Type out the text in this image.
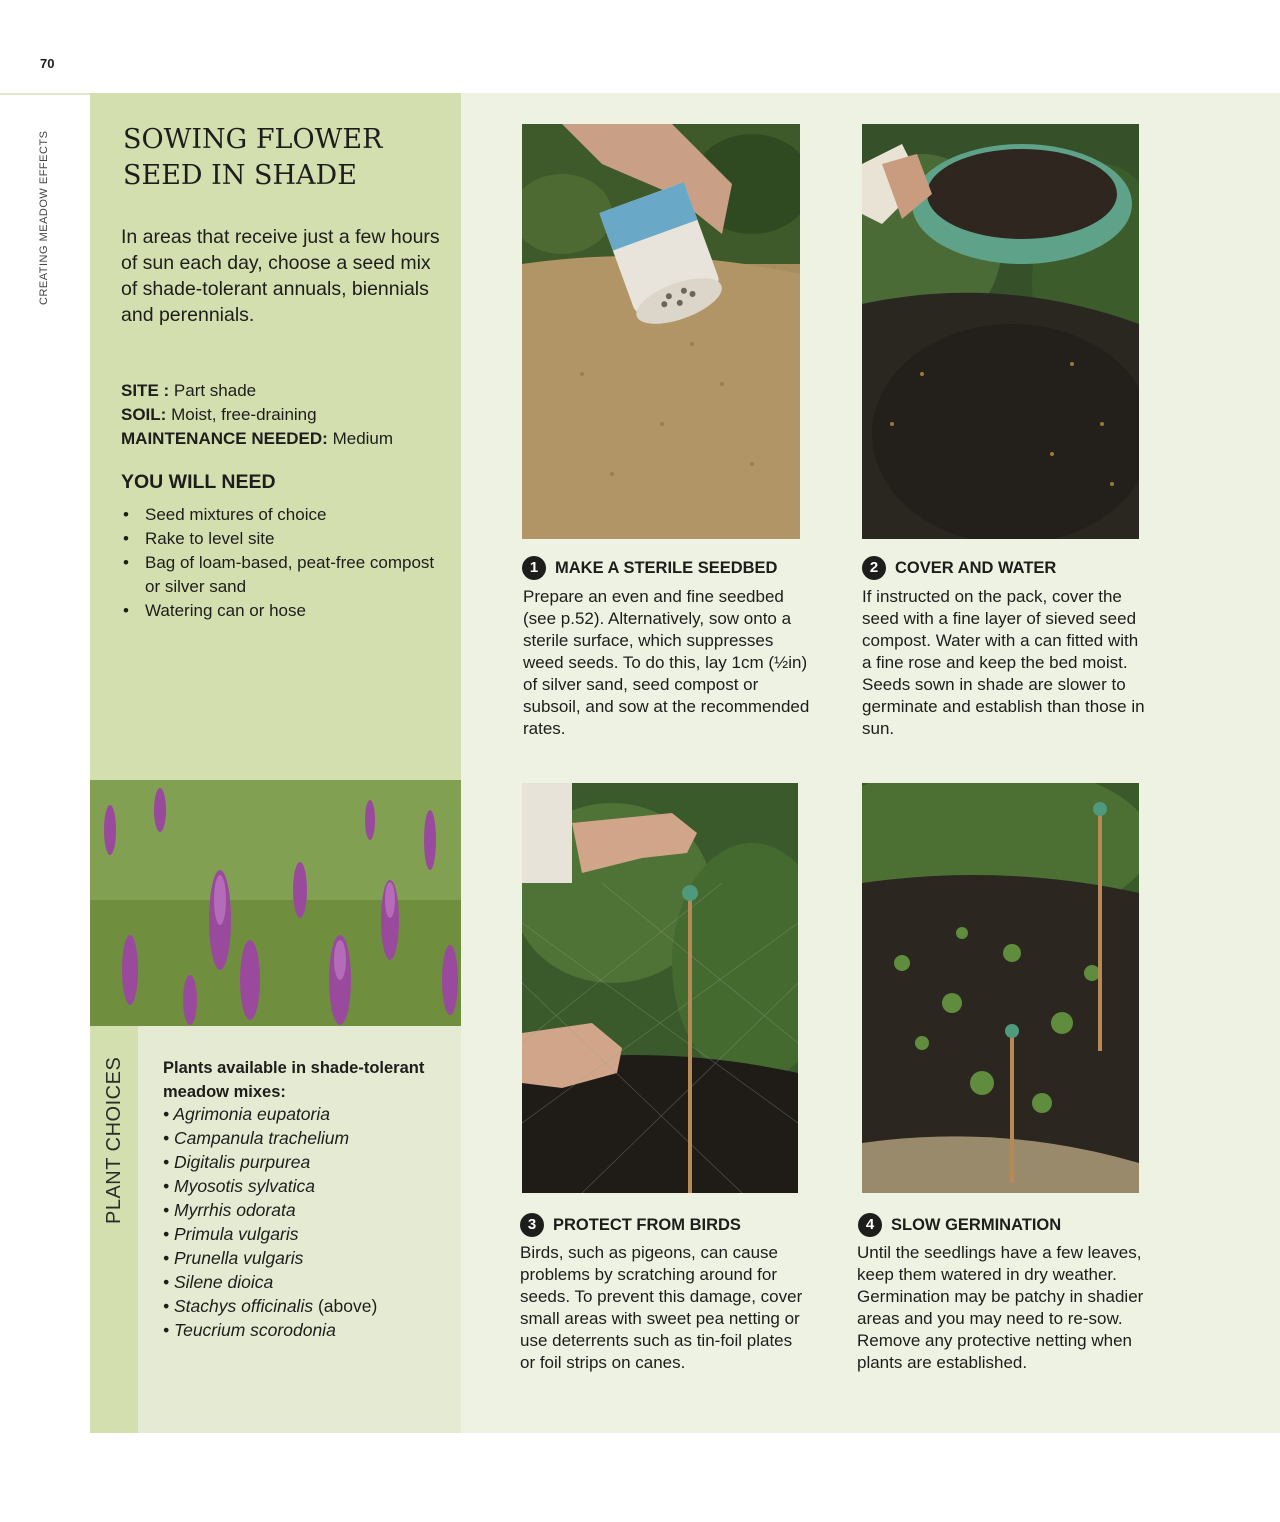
70
CREATING MEADOW EFFECTS	SOWING FLOWER SEED IN SHADE

In areas that receive just a few hours of sun each day, choose a seed mix of shade-tolerant annuals, biennials and perennials.

SITE : Part shade
SOIL: Moist, free-draining
MAINTENANCE NEEDED: Medium
YOU WILL NEED
• Seed mixtures of choice
• Rake to level site
• Bag of loam-based, peat-free compost or silver sand
• Watering can or hose
PLANT CHOICES Plants available in shade-tolerant meadow mixes:
• Agrimonia eupatoria
• Campanula trachelium
• Digitalis purpurea
• Myosotis sylvatica
• Myrrhis odorata
• Primula vulgaris
• Prunella vulgaris
• Silene dioica
• Stachys officinalis (above)
• Teucrium scorodonia
1	MAKE A STERILE SEEDBED

Prepare an even and fine seedbed (see p.52). Alternatively, sow onto a sterile surface, which suppresses weed seeds. To do this, lay 1cm (½in) of silver sand, seed compost or subsoil, and sow at the recommended rates.

2	COVER AND WATER

If instructed on the pack, cover the seed with a fine layer of sieved seed compost. Water with a can fitted with a fine rose and keep the bed moist. Seeds sown in shade are slower to germinate and establish than those in sun.

3	PROTECT FROM BIRDS

Birds, such as pigeons, can cause problems by scratching around for seeds. To prevent this damage, cover small areas with sweet pea netting or use deterrents such as tin-foil plates or foil strips on canes.

4	SLOW GERMINATION

Until the seedlings have a few leaves, keep them watered in dry weather. Germination may be patchy in shadier areas and you may need to re-sow. Remove any protective netting when plants are established.
